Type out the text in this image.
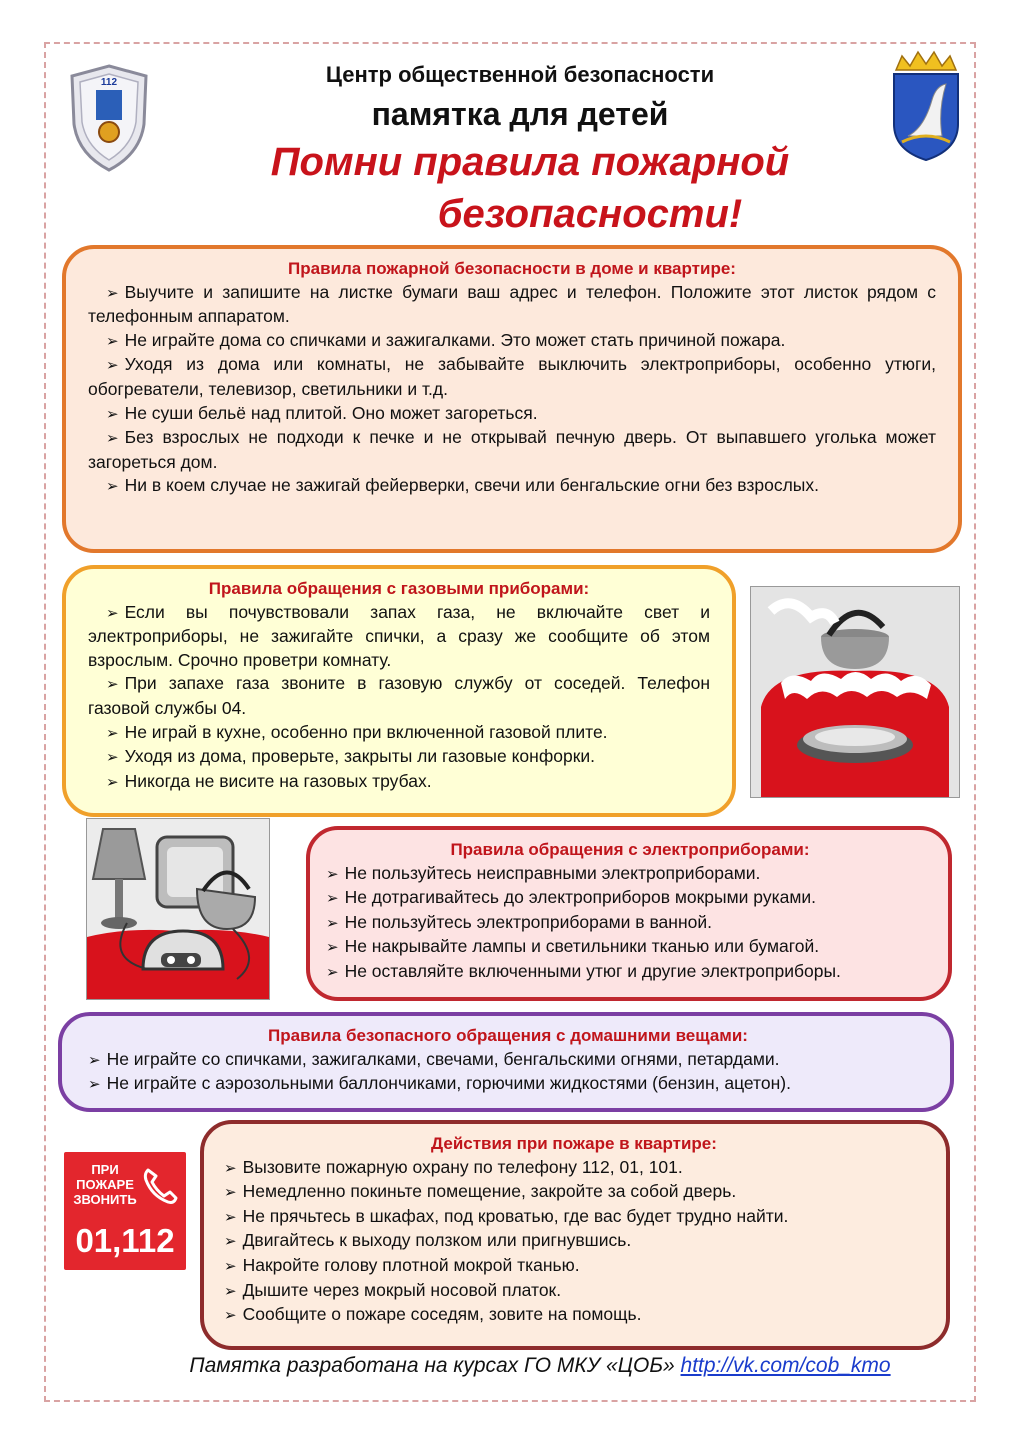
112	Центр общественной безопасности
памятка для детей
Помни правила пожарной
безопасности!
Правила пожарной безопасности в доме и квартире:
➢ Выучите и запишите на листке бумаги ваш адрес и телефон. Положите этот листок рядом с телефонным аппаратом.
➢ Не играйте дома со спичками и зажигалками. Это может стать причиной пожара.
➢ Уходя из дома или комнаты, не забывайте выключить электроприборы, особенно утюги, обогреватели, телевизор, светильники и т.д.
➢ Не суши бельё над плитой. Оно может загореться.
➢ Без взрослых не подходи к печке и не открывай печную дверь. От выпавшего уголька может загореться дом.
➢ Ни в коем случае не зажигай фейерверки, свечи или бенгальские огни без взрослых.
Правила обращения с газовыми приборами:
➢ Если вы почувствовали запах газа, не включайте свет и электроприборы, не зажигайте спички, а сразу же сообщите об этом взрослым. Срочно проветри комнату.
➢ При запахе газа звоните в газовую службу от соседей. Телефон газовой службы 04.
➢ Не играй в кухне, особенно при включенной газовой плите.
➢ Уходя из дома, проверьте, закрыты ли газовые конфорки.
➢ Никогда не висите на газовых трубах.
Правила обращения с электроприборами:
➢ Не пользуйтесь неисправными электроприборами.
➢ Не дотрагивайтесь до электроприборов мокрыми руками.
➢ Не пользуйтесь электроприборами в ванной.
➢ Не накрывайте лампы и светильники тканью или бумагой.
➢ Не оставляйте включенными утюг и другие электроприборы.
Правила безопасного обращения с домашними вещами:
➢ Не играйте со спичками, зажигалками, свечами, бенгальскими огнями, петардами.
➢ Не играйте с аэрозольными баллончиками, горючими жидкостями (бензин, ацетон).
ПРИ
ПОЖАРЕ
ЗВОНИТЬ
01,112
Действия при пожаре в квартире:
➢ Вызовите пожарную охрану по телефону 112, 01, 101.
➢ Немедленно покиньте помещение, закройте за собой дверь.
➢ Не прячьтесь в шкафах, под кроватью, где вас будет трудно найти.
➢ Двигайтесь к выходу ползком или пригнувшись.
➢ Накройте голову плотной мокрой тканью.
➢ Дышите через мокрый носовой платок.
➢ Сообщите о пожаре соседям, зовите на помощь.
Памятка разработана на курсах ГО МКУ «ЦОБ» http://vk.com/cob_kmo
